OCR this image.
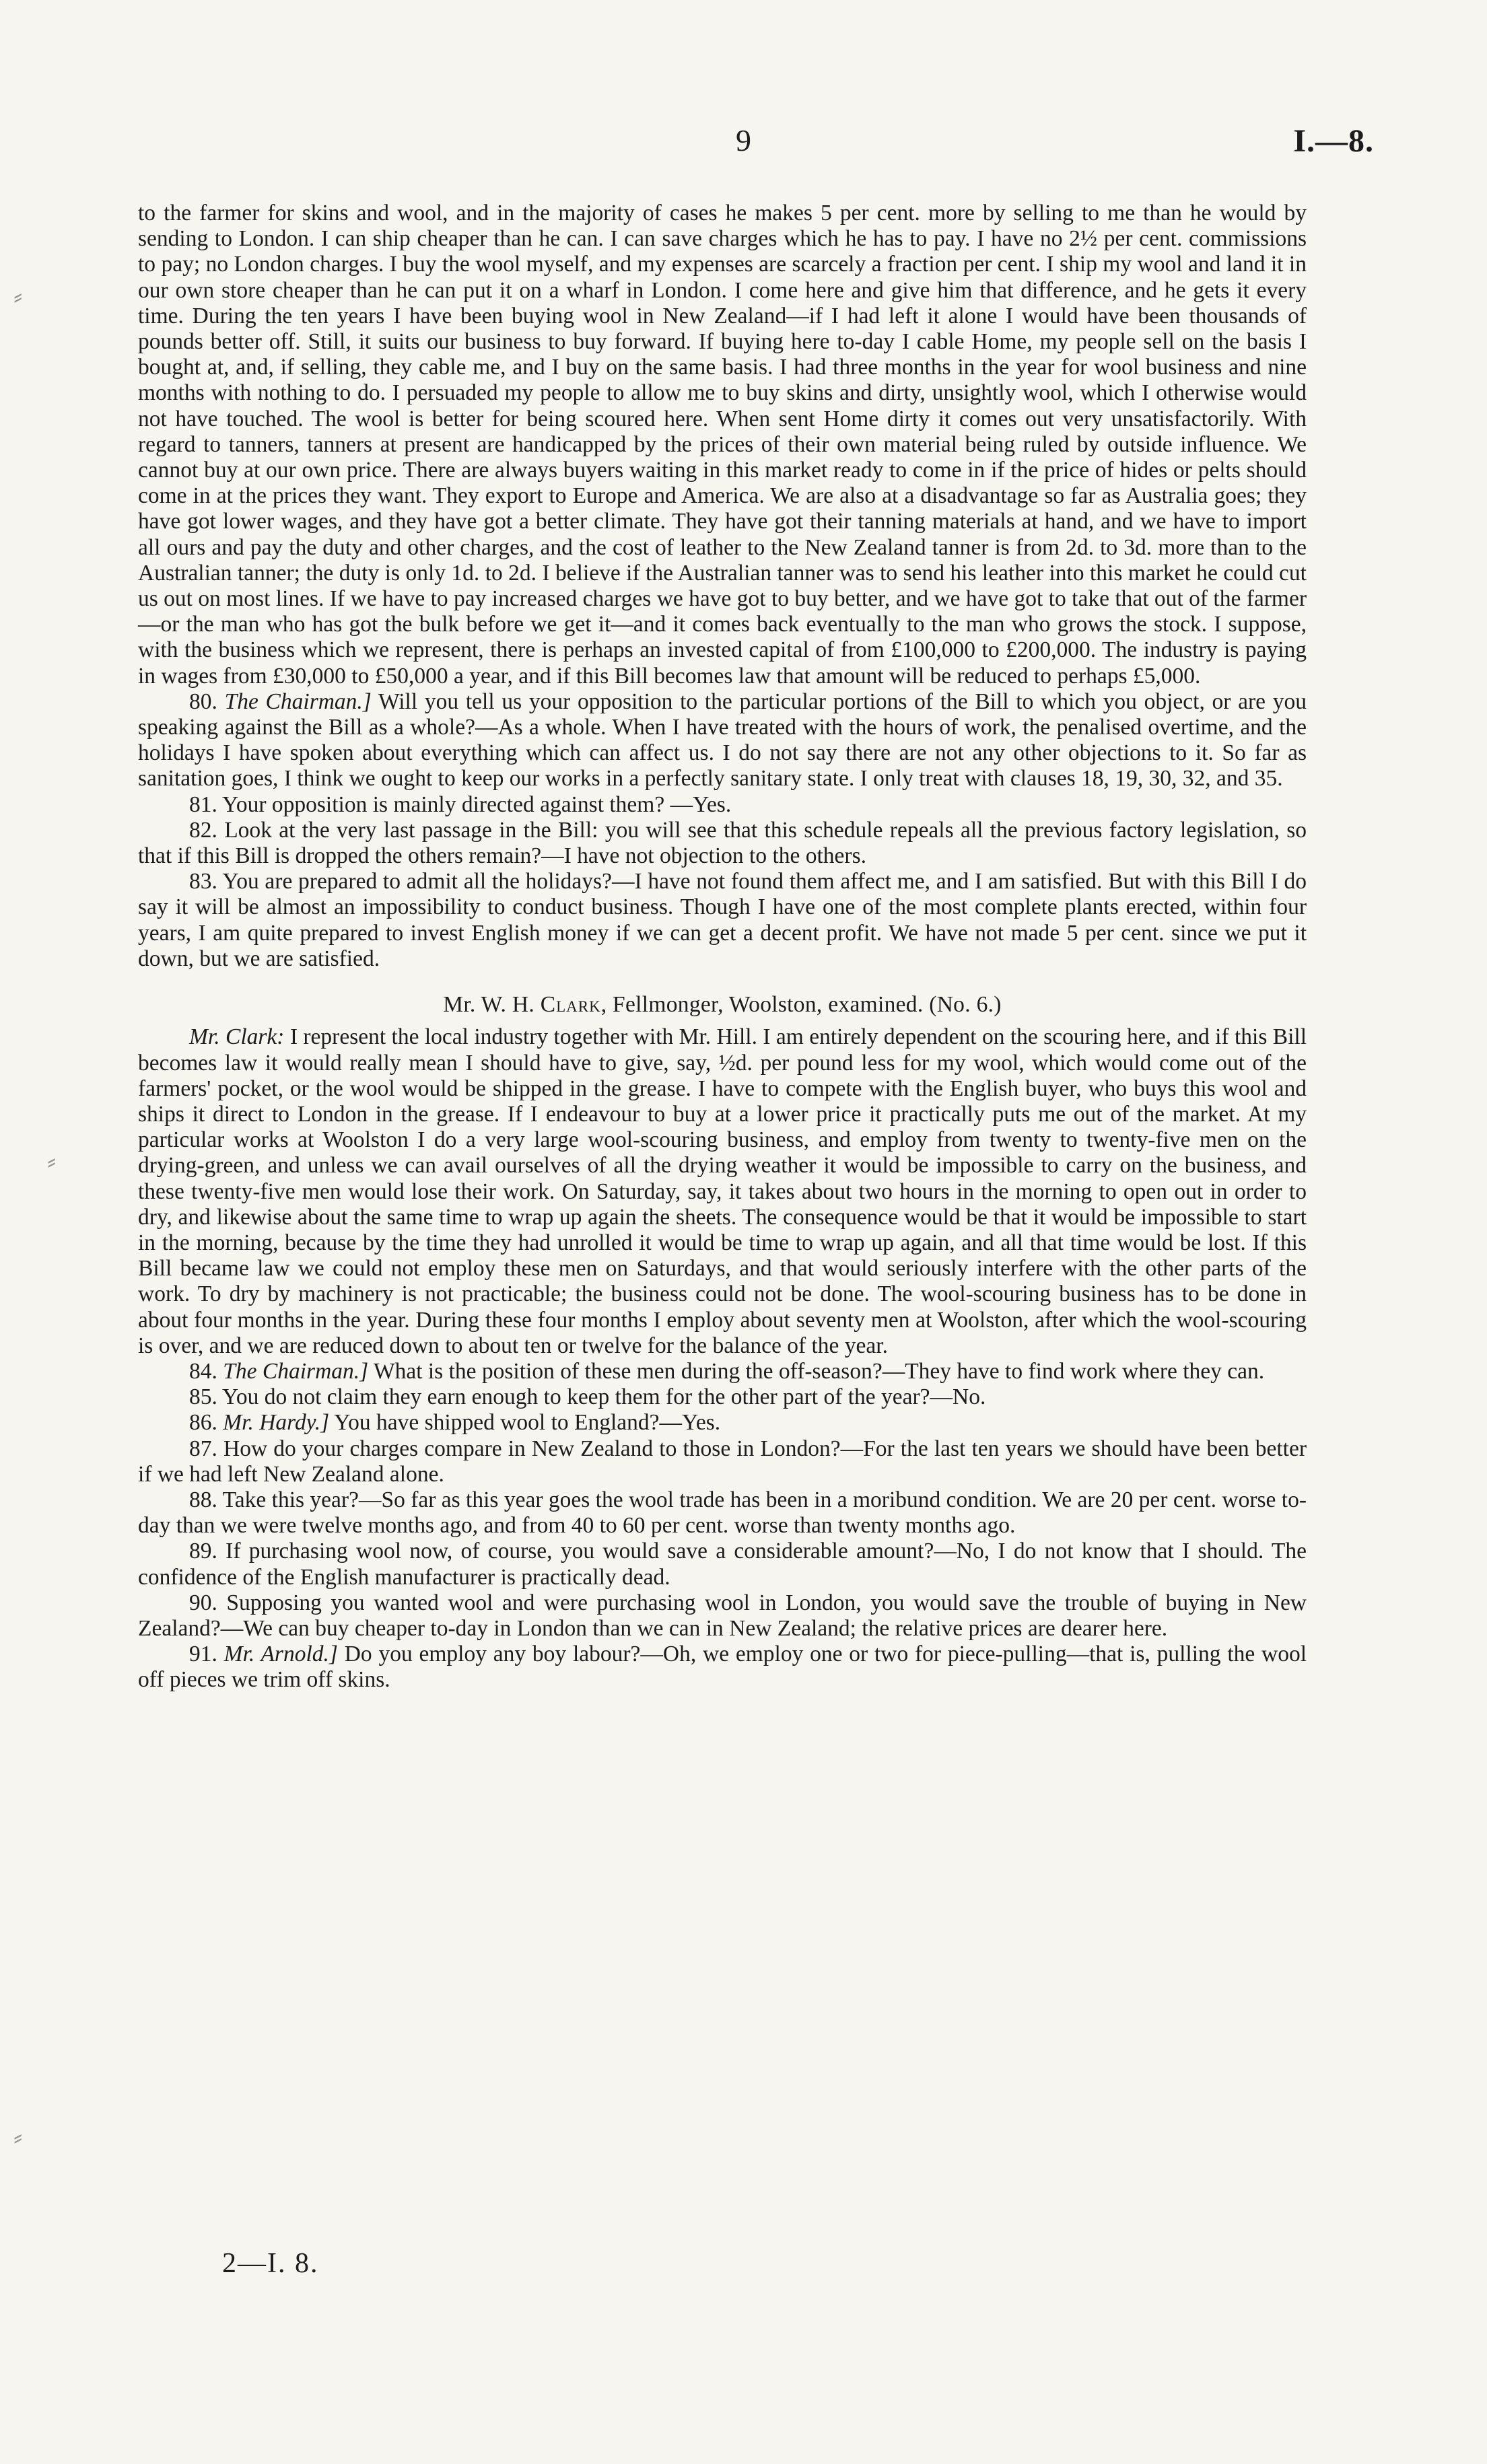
9	I.—8.
⸗
⸗
⸗

to the farmer for skins and wool, and in the majority of cases he makes 5 per cent. more by selling to me than he would by sending to London. I can ship cheaper than he can. I can save charges which he has to pay. I have no 2½ per cent. commissions to pay; no London charges. I buy the wool myself, and my expenses are scarcely a fraction per cent. I ship my wool and land it in our own store cheaper than he can put it on a wharf in London. I come here and give him that difference, and he gets it every time. During the ten years I have been buying wool in New Zealand—if I had left it alone I would have been thousands of pounds better off. Still, it suits our business to buy forward. If buying here to-day I cable Home, my people sell on the basis I bought at, and, if selling, they cable me, and I buy on the same basis. I had three months in the year for wool business and nine months with nothing to do. I persuaded my people to allow me to buy skins and dirty, unsightly wool, which I otherwise would not have touched. The wool is better for being scoured here. When sent Home dirty it comes out very unsatisfactorily. With regard to tanners, tanners at present are handicapped by the prices of their own material being ruled by outside influence. We cannot buy at our own price. There are always buyers waiting in this market ready to come in if the price of hides or pelts should come in at the prices they want. They export to Europe and America. We are also at a disadvantage so far as Australia goes; they have got lower wages, and they have got a better climate. They have got their tanning materials at hand, and we have to import all ours and pay the duty and other charges, and the cost of leather to the New Zealand tanner is from 2d. to 3d. more than to the Australian tanner; the duty is only 1d. to 2d. I believe if the Australian tanner was to send his leather into this market he could cut us out on most lines. If we have to pay increased charges we have got to buy better, and we have got to take that out of the farmer—or the man who has got the bulk before we get it—and it comes back eventually to the man who grows the stock. I suppose, with the business which we represent, there is perhaps an invested capital of from £100,000 to £200,000. The industry is paying in wages from £30,000 to £50,000 a year, and if this Bill becomes law that amount will be reduced to perhaps £5,000.

80. The Chairman.] Will you tell us your opposition to the particular portions of the Bill to which you object, or are you speaking against the Bill as a whole?—As a whole. When I have treated with the hours of work, the penalised overtime, and the holidays I have spoken about everything which can affect us. I do not say there are not any other objections to it. So far as sanitation goes, I think we ought to keep our works in a perfectly sanitary state. I only treat with clauses 18, 19, 30, 32, and 35.

81. Your opposition is mainly directed against them? —Yes.

82. Look at the very last passage in the Bill: you will see that this schedule repeals all the previous factory legislation, so that if this Bill is dropped the others remain?—I have not objection to the others.

83. You are prepared to admit all the holidays?—I have not found them affect me, and I am satisfied. But with this Bill I do say it will be almost an impossibility to conduct business. Though I have one of the most complete plants erected, within four years, I am quite prepared to invest English money if we can get a decent profit. We have not made 5 per cent. since we put it down, but we are satisfied.

Mr. W. H. Clark, Fellmonger, Woolston, examined. (No. 6.)

Mr. Clark: I represent the local industry together with Mr. Hill. I am entirely dependent on the scouring here, and if this Bill becomes law it would really mean I should have to give, say, ½d. per pound less for my wool, which would come out of the farmers' pocket, or the wool would be shipped in the grease. I have to compete with the English buyer, who buys this wool and ships it direct to London in the grease. If I endeavour to buy at a lower price it practically puts me out of the market. At my particular works at Woolston I do a very large wool-scouring business, and employ from twenty to twenty-five men on the drying-green, and unless we can avail ourselves of all the drying weather it would be impossible to carry on the business, and these twenty-five men would lose their work. On Saturday, say, it takes about two hours in the morning to open out in order to dry, and likewise about the same time to wrap up again the sheets. The consequence would be that it would be impossible to start in the morning, because by the time they had unrolled it would be time to wrap up again, and all that time would be lost. If this Bill became law we could not employ these men on Saturdays, and that would seriously interfere with the other parts of the work. To dry by machinery is not practicable; the business could not be done. The wool-scouring business has to be done in about four months in the year. During these four months I employ about seventy men at Woolston, after which the wool-scouring is over, and we are reduced down to about ten or twelve for the balance of the year.

84. The Chairman.] What is the position of these men during the off-season?—They have to find work where they can.

85. You do not claim they earn enough to keep them for the other part of the year?—No.

86. Mr. Hardy.] You have shipped wool to England?—Yes.

87. How do your charges compare in New Zealand to those in London?—For the last ten years we should have been better if we had left New Zealand alone.

88. Take this year?—So far as this year goes the wool trade has been in a moribund condition. We are 20 per cent. worse to-day than we were twelve months ago, and from 40 to 60 per cent. worse than twenty months ago.

89. If purchasing wool now, of course, you would save a considerable amount?—No, I do not know that I should. The confidence of the English manufacturer is practically dead.

90. Supposing you wanted wool and were purchasing wool in London, you would save the trouble of buying in New Zealand?—We can buy cheaper to-day in London than we can in New Zealand; the relative prices are dearer here.

91. Mr. Arnold.] Do you employ any boy labour?—Oh, we employ one or two for piece-pulling—that is, pulling the wool off pieces we trim off skins.

2—I. 8.
